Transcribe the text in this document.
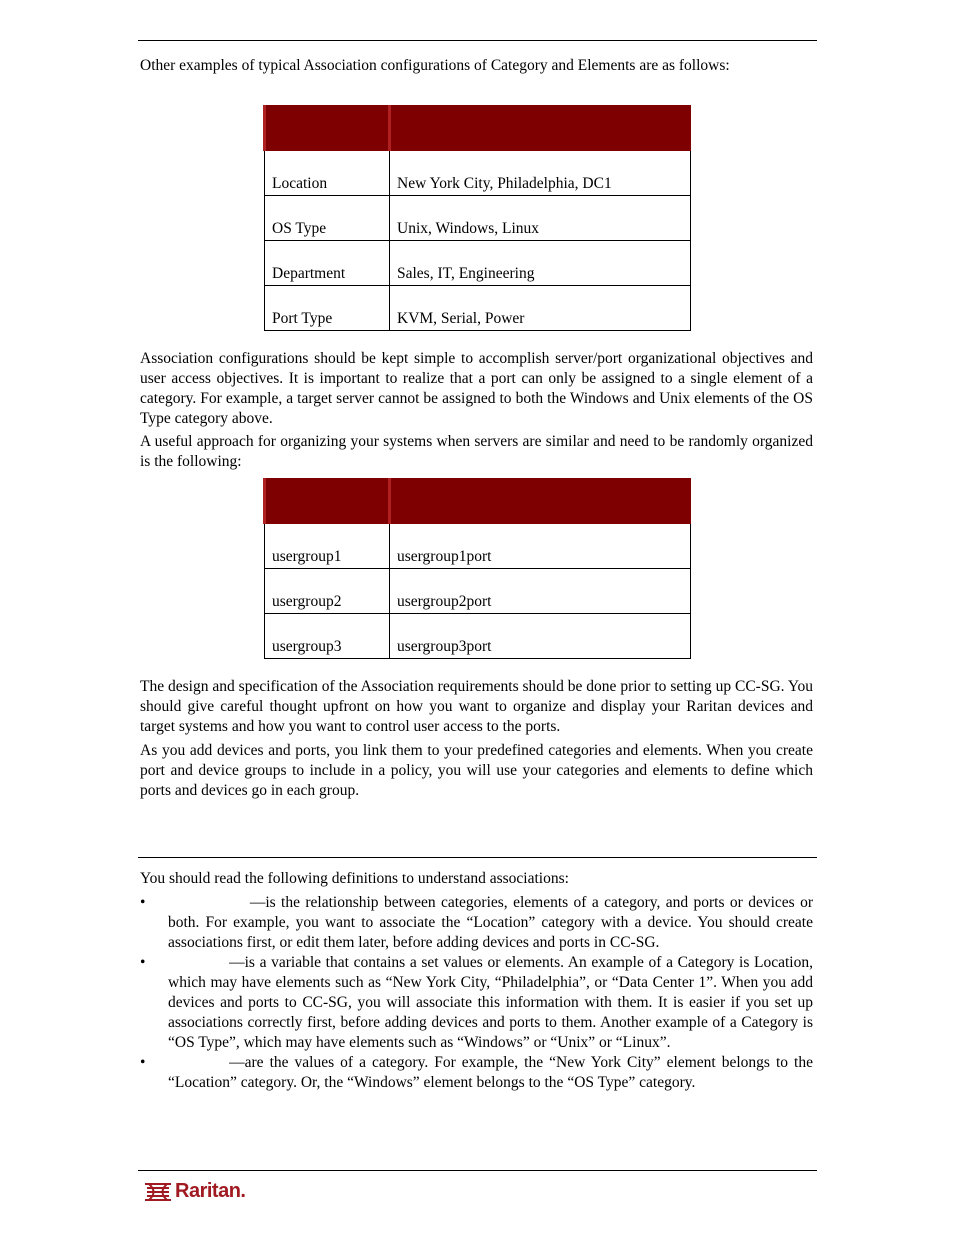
Other examples of typical Association configurations of Category and Elements are as follows:

Location	New York City, Philadelphia, DC1
OS Type	Unix, Windows, Linux
Department	Sales, IT, Engineering
Port Type	KVM, Serial, Power

Association configurations should be kept simple to accomplish server/port organizational objectives and user access objectives. It is important to realize that a port can only be assigned to a single element of a category. For example, a target server cannot be assigned to both the Windows and Unix elements of the OS Type category above.

A useful approach for organizing your systems when servers are similar and need to be randomly organized is the following:

usergroup1	usergroup1port
usergroup2	usergroup2port
usergroup3	usergroup3port

The design and specification of the Association requirements should be done prior to setting up CC-SG. You should give careful thought upfront on how you want to organize and display your Raritan devices and target systems and how you want to control user access to the ports.

As you add devices and ports, you link them to your predefined categories and elements. When you create port and device groups to include in a policy, you will use your categories and elements to define which ports and devices go in each group.

You should read the following definitions to understand associations:

• Associations—is the relationship between categories, elements of a category, and ports or devices or both. For example, you want to associate the “Location” category with a device. You should create associations first, or edit them later, before adding devices and ports in CC-SG.
• Category—is a variable that contains a set values or elements. An example of a Category is Location, which may have elements such as “New York City, “Philadelphia”, or “Data Center 1”. When you add devices and ports to CC-SG, you will associate this information with them. It is easier if you set up associations correctly first, before adding devices and ports to them. Another example of a Category is “OS Type”, which may have elements such as “Windows” or “Unix” or “Linux”.
• Elements—are the values of a category. For example, the “New York City” element belongs to the “Location” category. Or, the “Windows” element belongs to the “OS Type” category.
Raritan.
